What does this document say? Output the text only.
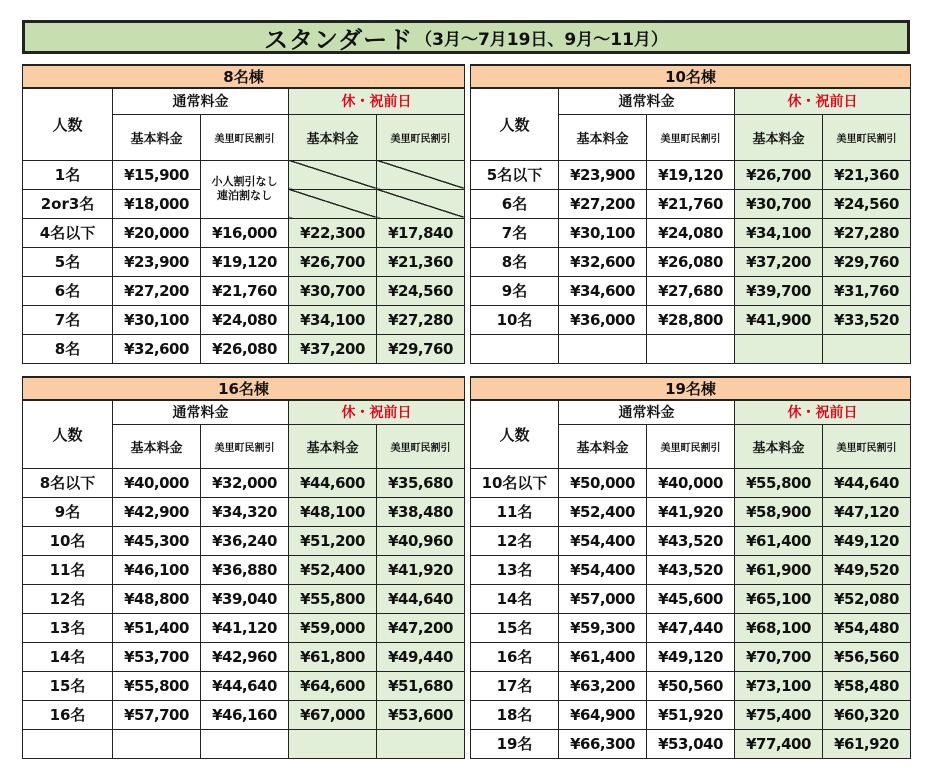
スタンダード （3月～7月19日、9月～11月）
8名棟				
人数	通常料金		休・祝前日	
	基本料金	美里町民割引	基本料金	美里町民割引
1名	¥15,900	小人割引なし
連泊割なし		
2or3名	¥18,000			
4名以下	¥20,000	¥16,000	¥22,300	¥17,840
5名	¥23,900	¥19,120	¥26,700	¥21,360
6名	¥27,200	¥21,760	¥30,700	¥24,560
7名	¥30,100	¥24,080	¥34,100	¥27,280
8名	¥32,600	¥26,080	¥37,200	¥29,760
10名棟				
人数	通常料金		休・祝前日	
	基本料金	美里町民割引	基本料金	美里町民割引
5名以下	¥23,900	¥19,120	¥26,700	¥21,360
6名	¥27,200	¥21,760	¥30,700	¥24,560
7名	¥30,100	¥24,080	¥34,100	¥27,280
8名	¥32,600	¥26,080	¥37,200	¥29,760
9名	¥34,600	¥27,680	¥39,700	¥31,760
10名	¥36,000	¥28,800	¥41,900	¥33,520

16名棟				
人数	通常料金		休・祝前日	
	基本料金	美里町民割引	基本料金	美里町民割引
8名以下	¥40,000	¥32,000	¥44,600	¥35,680
9名	¥42,900	¥34,320	¥48,100	¥38,480
10名	¥45,300	¥36,240	¥51,200	¥40,960
11名	¥46,100	¥36,880	¥52,400	¥41,920
12名	¥48,800	¥39,040	¥55,800	¥44,640
13名	¥51,400	¥41,120	¥59,000	¥47,200
14名	¥53,700	¥42,960	¥61,800	¥49,440
15名	¥55,800	¥44,640	¥64,600	¥51,680
16名	¥57,700	¥46,160	¥67,000	¥53,600

19名棟				
人数	通常料金		休・祝前日	
	基本料金	美里町民割引	基本料金	美里町民割引
10名以下	¥50,000	¥40,000	¥55,800	¥44,640
11名	¥52,400	¥41,920	¥58,900	¥47,120
12名	¥54,400	¥43,520	¥61,400	¥49,120
13名	¥54,400	¥43,520	¥61,900	¥49,520
14名	¥57,000	¥45,600	¥65,100	¥52,080
15名	¥59,300	¥47,440	¥68,100	¥54,480
16名	¥61,400	¥49,120	¥70,700	¥56,560
17名	¥63,200	¥50,560	¥73,100	¥58,480
18名	¥64,900	¥51,920	¥75,400	¥60,320
19名	¥66,300	¥53,040	¥77,400	¥61,920
